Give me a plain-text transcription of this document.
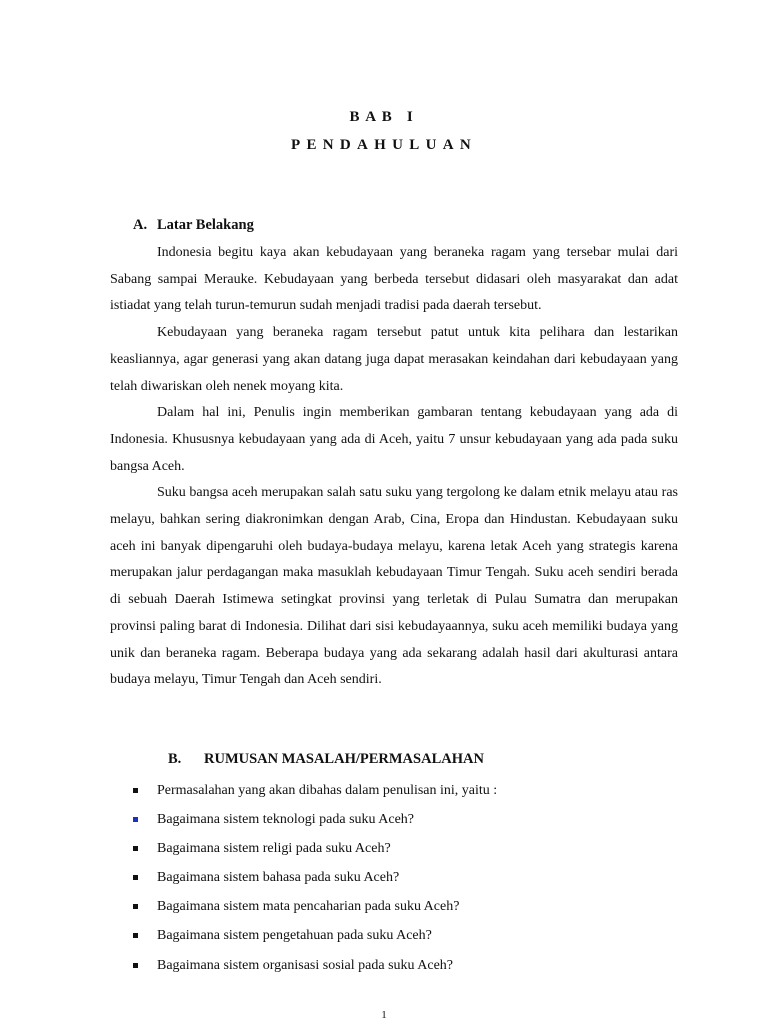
BAB I
PENDAHULUAN
A. Latar Belakang

Indonesia begitu kaya akan kebudayaan yang beraneka ragam yang tersebar mulai dari Sabang sampai Merauke. Kebudayaan yang berbeda tersebut didasari oleh masyarakat dan adat istiadat yang telah turun-temurun sudah menjadi tradisi pada daerah tersebut.

Kebudayaan yang beraneka ragam tersebut patut untuk kita pelihara dan lestarikan keasliannya, agar generasi yang akan datang juga dapat merasakan keindahan dari kebudayaan yang telah diwariskan oleh nenek moyang kita.

Dalam hal ini, Penulis ingin memberikan gambaran tentang kebudayaan yang ada di Indonesia. Khususnya kebudayaan yang ada di Aceh, yaitu 7 unsur kebudayaan yang ada pada suku bangsa Aceh.

Suku bangsa aceh merupakan salah satu suku yang tergolong ke dalam etnik melayu atau ras melayu, bahkan sering diakronimkan dengan Arab, Cina, Eropa dan Hindustan. Kebudayaan suku aceh ini banyak dipengaruhi oleh budaya-budaya melayu, karena letak Aceh yang strategis karena merupakan jalur perdagangan maka masuklah kebudayaan Timur Tengah. Suku aceh sendiri berada di sebuah Daerah Istimewa setingkat provinsi yang terletak di Pulau Sumatra dan merupakan provinsi paling barat di Indonesia. Dilihat dari sisi kebudayaannya, suku aceh memiliki budaya yang unik dan beraneka ragam. Beberapa budaya yang ada sekarang adalah hasil dari akulturasi antara budaya melayu, Timur Tengah dan Aceh sendiri.

B. RUMUSAN MASALAH/PERMASALAHAN
Permasalahan yang akan dibahas dalam penulisan ini, yaitu :
Bagaimana sistem teknologi pada suku Aceh?
Bagaimana sistem religi pada suku Aceh?
Bagaimana sistem bahasa pada suku Aceh?
Bagaimana sistem mata pencaharian pada suku Aceh?
Bagaimana sistem pengetahuan pada suku Aceh?
Bagaimana sistem organisasi sosial pada suku Aceh?
1
